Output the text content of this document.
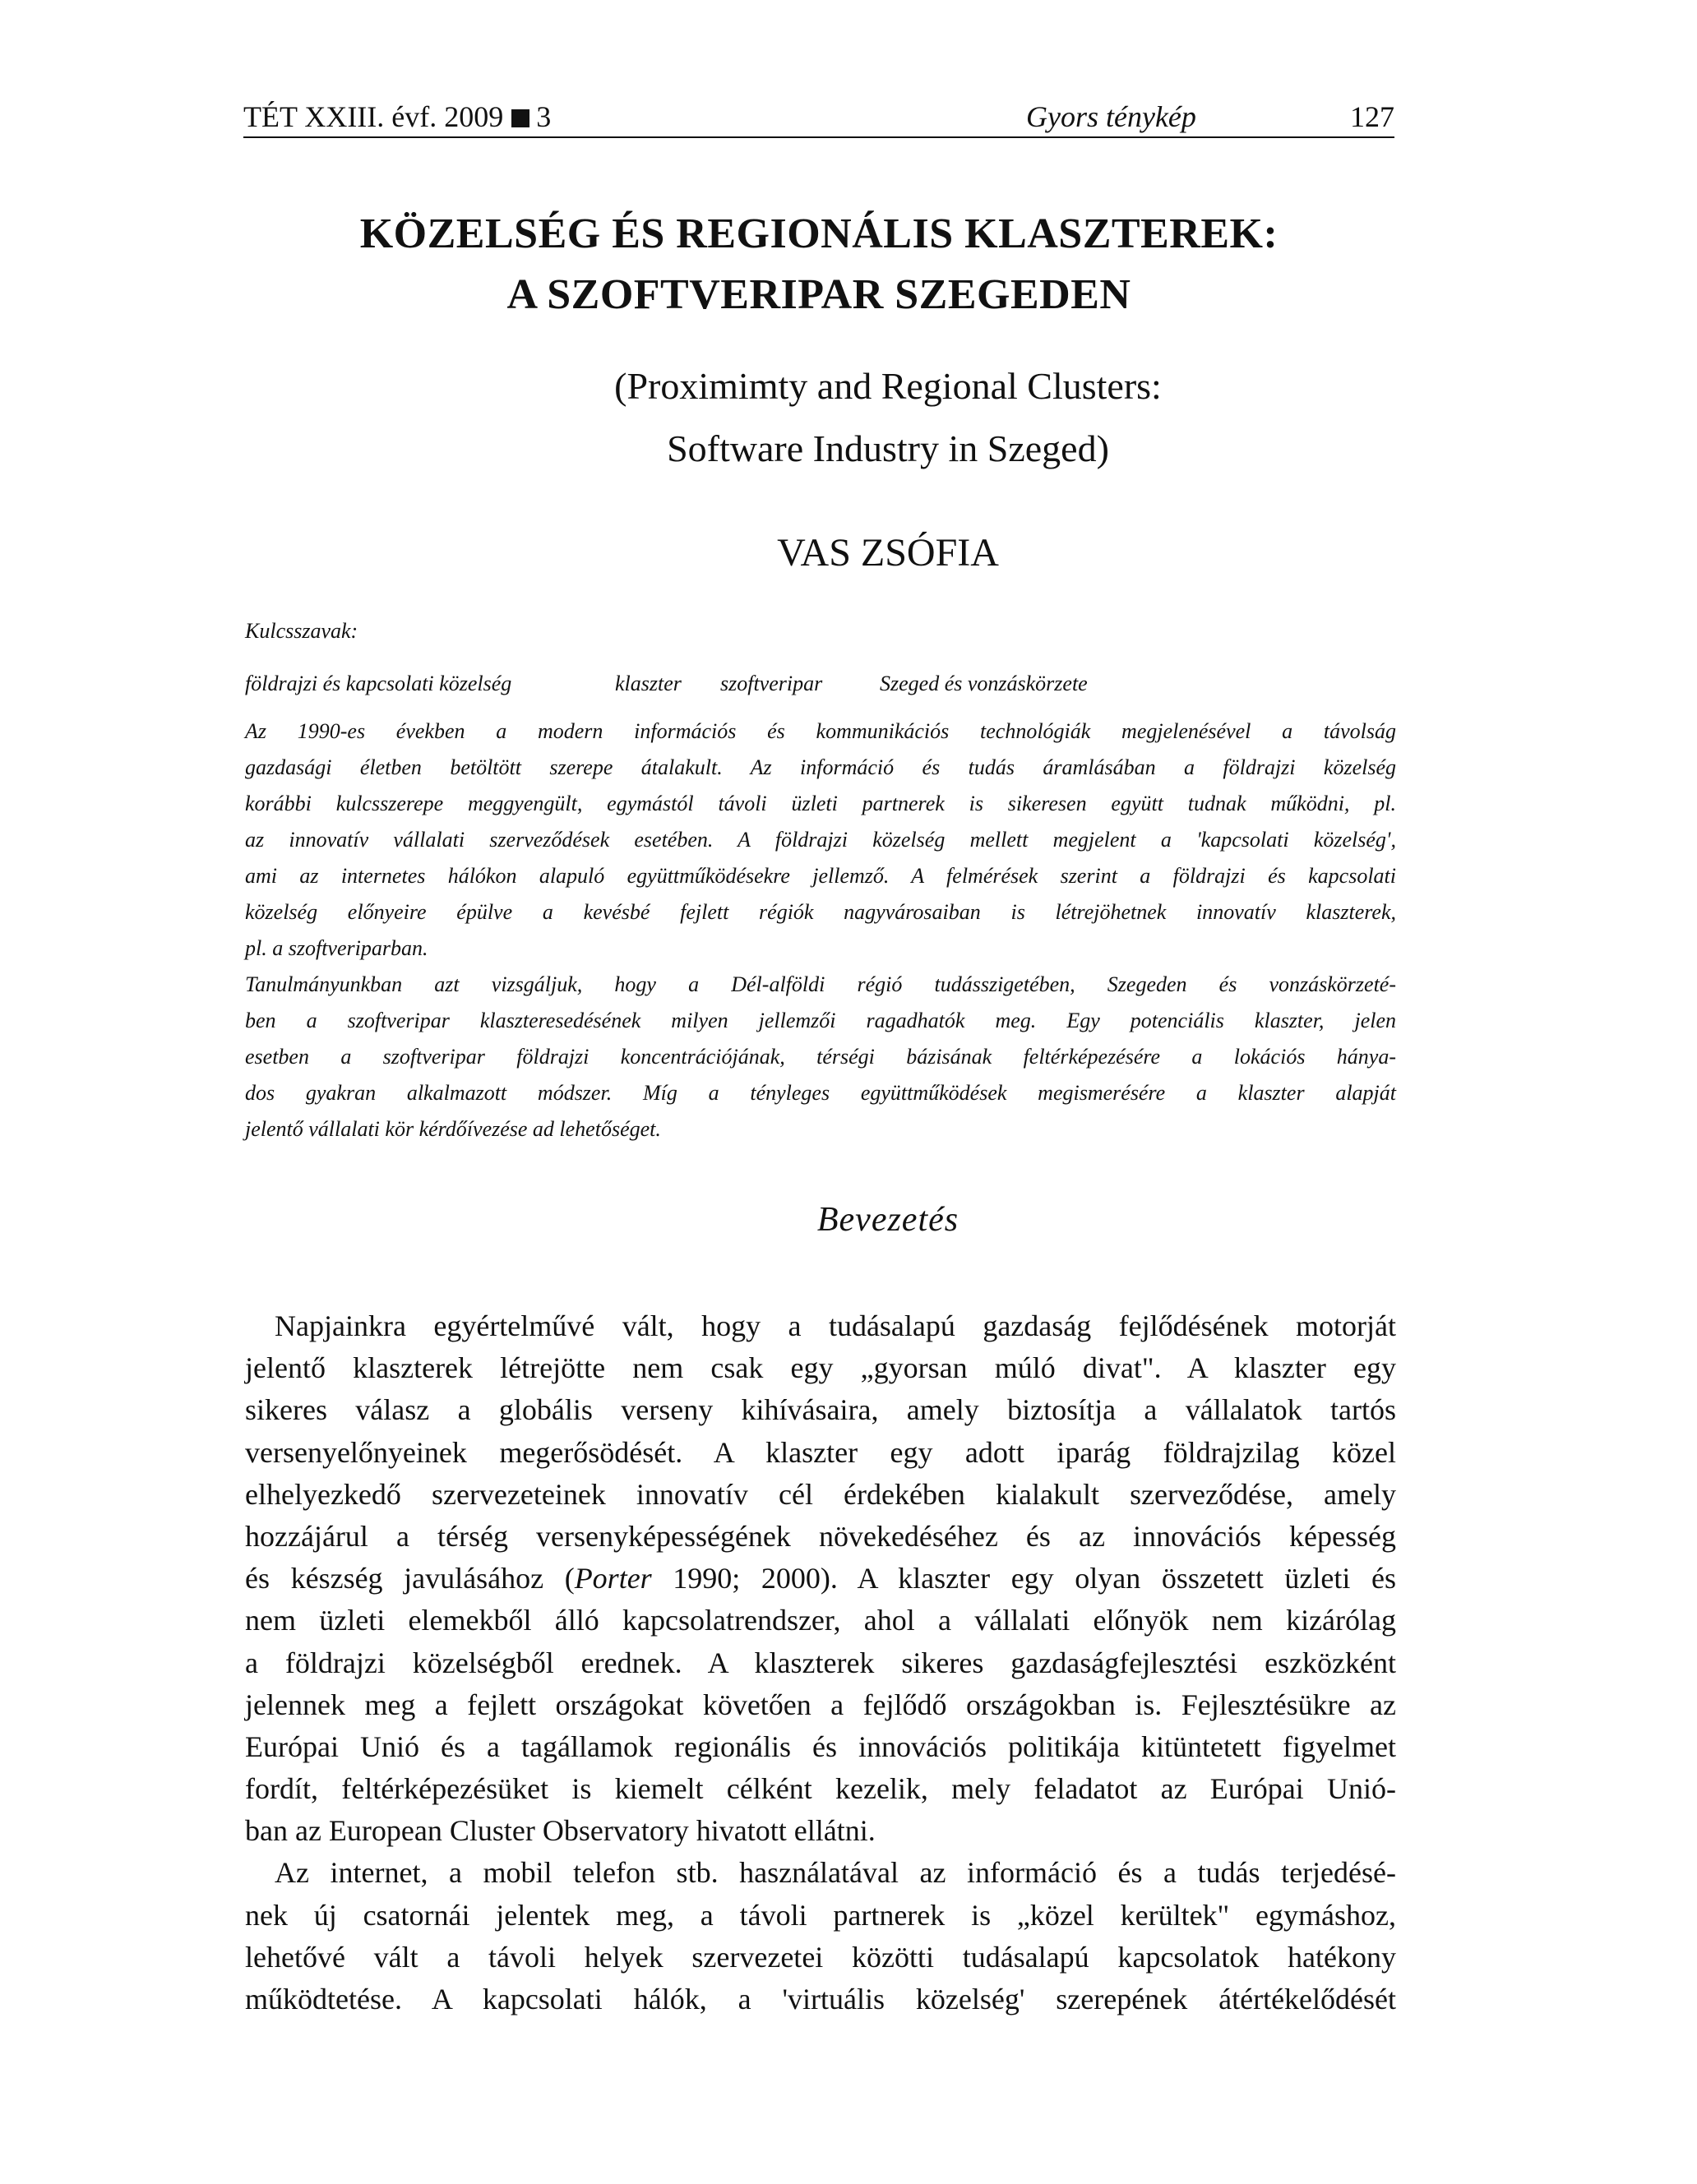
TÉT XXIII. évf. 2009 3	Gyors ténykép	127
KÖZELSÉG ÉS REGIONÁLIS KLASZTEREK:
A SZOFTVERIPAR SZEGEDEN
(Proximimty and Regional Clusters:
Software Industry in Szeged)
VAS ZSÓFIA
Kulcsszavak:
földrajzi és kapcsolati közelség	klaszter szoftveripar	Szeged és vonzáskörzete
Az 1990-es években a modern információs és kommunikációs technológiák megjelenésével a távolság
gazdasági életben betöltött szerepe átalakult. Az információ és tudás áramlásában a földrajzi közelség
korábbi kulcsszerepe meggyengült, egymástól távoli üzleti partnerek is sikeresen együtt tudnak működni, pl.
az innovatív vállalati szerveződések esetében. A földrajzi közelség mellett megjelent a 'kapcsolati közelség',
ami az internetes hálókon alapuló együttműködésekre jellemző. A felmérések szerint a földrajzi és kapcsolati
közelség előnyeire épülve a kevésbé fejlett régiók nagyvárosaiban is létrejöhetnek innovatív klaszterek,
pl. a szoftveriparban.
Tanulmányunkban azt vizsgáljuk, hogy a Dél-alföldi régió tudásszigetében, Szegeden és vonzáskörzeté-
ben a szoftveripar klaszteresedésének milyen jellemzői ragadhatók meg. Egy potenciális klaszter, jelen
esetben a szoftveripar földrajzi koncentrációjának, térségi bázisának feltérképezésére a lokációs hánya-
dos gyakran alkalmazott módszer. Míg a tényleges együttműködések megismerésére a klaszter alapját
jelentő vállalati kör kérdőívezése ad lehetőséget.
Bevezetés
Napjainkra egyértelművé vált, hogy a tudásalapú gazdaság fejlődésének motorját
jelentő klaszterek létrejötte nem csak egy „gyorsan múló divat". A klaszter egy
sikeres válasz a globális verseny kihívásaira, amely biztosítja a vállalatok tartós
versenyelőnyeinek megerősödését. A klaszter egy adott iparág földrajzilag közel
elhelyezkedő szervezeteinek innovatív cél érdekében kialakult szerveződése, amely
hozzájárul a térség versenyképességének növekedéséhez és az innovációs képesség
és készség javulásához (Porter 1990; 2000). A klaszter egy olyan összetett üzleti és
nem üzleti elemekből álló kapcsolatrendszer, ahol a vállalati előnyök nem kizárólag
a földrajzi közelségből erednek. A klaszterek sikeres gazdaságfejlesztési eszközként
jelennek meg a fejlett országokat követően a fejlődő országokban is. Fejlesztésükre az
Európai Unió és a tagállamok regionális és innovációs politikája kitüntetett figyelmet
fordít, feltérképezésüket is kiemelt célként kezelik, mely feladatot az Európai Unió-
ban az European Cluster Observatory hivatott ellátni.
Az internet, a mobil telefon stb. használatával az információ és a tudás terjedésé-
nek új csatornái jelentek meg, a távoli partnerek is „közel kerültek" egymáshoz,
lehetővé vált a távoli helyek szervezetei közötti tudásalapú kapcsolatok hatékony
működtetése. A kapcsolati hálók, a 'virtuális közelség' szerepének átértékelődését
